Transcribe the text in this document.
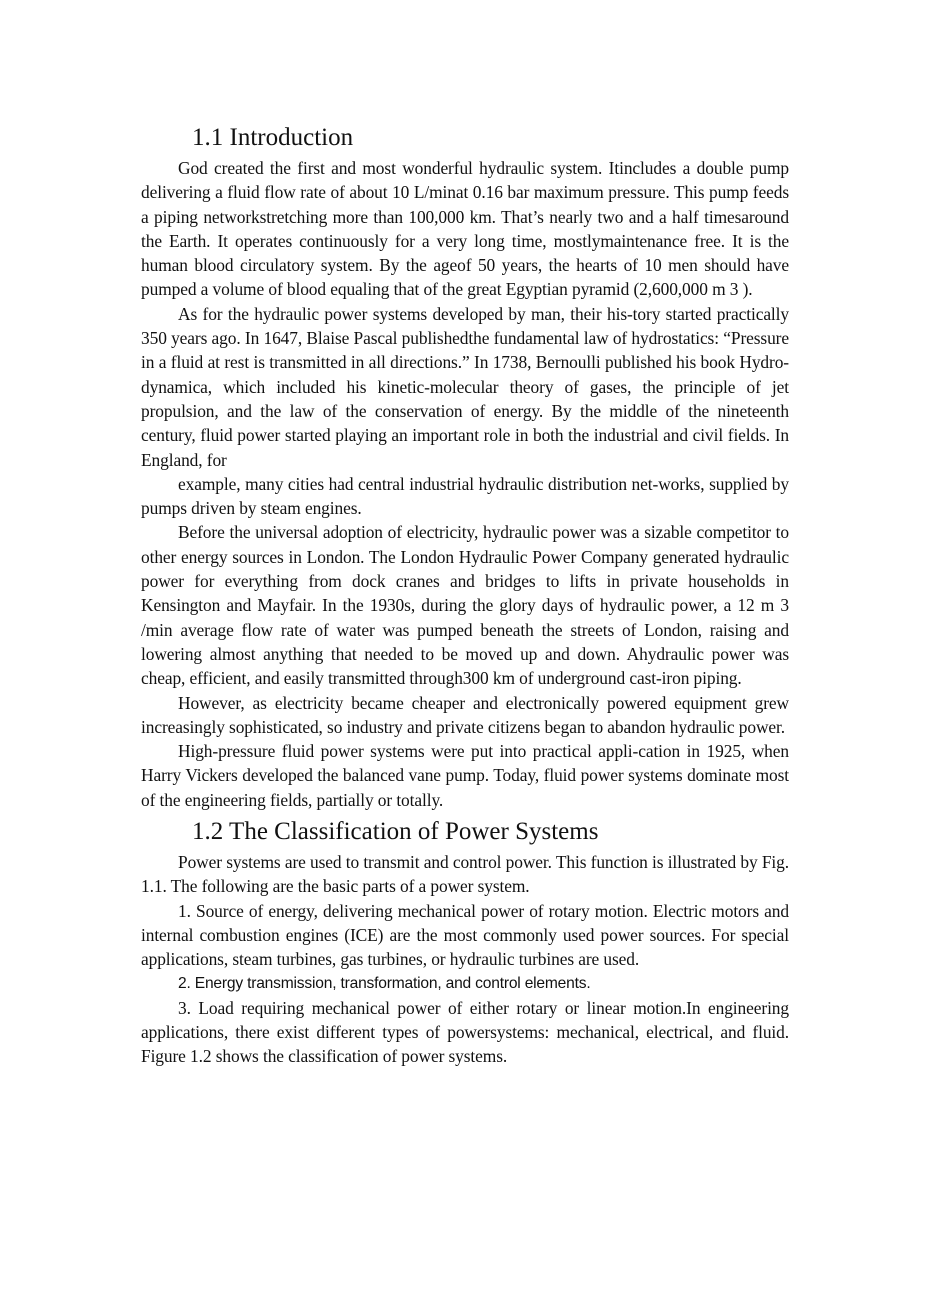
1.1 Introduction

God created the first and most wonderful hydraulic system. Itincludes a double pump delivering a fluid flow rate of about 10 L/minat 0.16 bar maximum pressure. This pump feeds a piping networkstretching more than 100,000 km. That’s nearly two and a half timesaround the Earth. It operates continuously for a very long time, mostlymaintenance free. It is the human blood circulatory system. By the ageof 50 years, the hearts of 10 men should have pumped a volume of blood equaling that of the great Egyptian pyramid (2,600,000 m 3 ).

As for the hydraulic power systems developed by man, their his-tory started practically 350 years ago. In 1647, Blaise Pascal publishedthe fundamental law of hydrostatics: “Pressure in a fluid at rest is transmitted in all directions.” In 1738, Bernoulli published his book Hydro-dynamica, which included his kinetic-molecular theory of gases, the principle of jet propulsion, and the law of the conservation of energy. By the middle of the nineteenth century, fluid power started playing an important role in both the industrial and civil fields. In England, for

example, many cities had central industrial hydraulic distribution net-works, supplied by pumps driven by steam engines.

Before the universal adoption of electricity, hydraulic power was a sizable competitor to other energy sources in London. The London Hydraulic Power Company generated hydraulic power for everything from dock cranes and bridges to lifts in private households in Kensington and Mayfair. In the 1930s, during the glory days of hydraulic power, a 12 m 3 /min average flow rate of water was pumped beneath the streets of London, raising and lowering almost anything that needed to be moved up and down. Ahydraulic power was cheap, efficient, and easily transmitted through300 km of underground cast-iron piping.

However, as electricity became cheaper and electronically powered equipment grew increasingly sophisticated, so industry and private citizens began to abandon hydraulic power.

High-pressure fluid power systems were put into practical appli-cation in 1925, when Harry Vickers developed the balanced vane pump. Today, fluid power systems dominate most of the engineering fields, partially or totally.

1.2 The Classification of Power Systems

Power systems are used to transmit and control power. This function is illustrated by Fig. 1.1. The following are the basic parts of a power system.

1. Source of energy, delivering mechanical power of rotary motion. Electric motors and internal combustion engines (ICE) are the most commonly used power sources. For special applications, steam turbines, gas turbines, or hydraulic turbines are used.

2. Energy transmission, transformation, and control elements.

3. Load requiring mechanical power of either rotary or linear motion.In engineering applications, there exist different types of powersystems: mechanical, electrical, and fluid. Figure 1.2 shows the classification of power systems.
